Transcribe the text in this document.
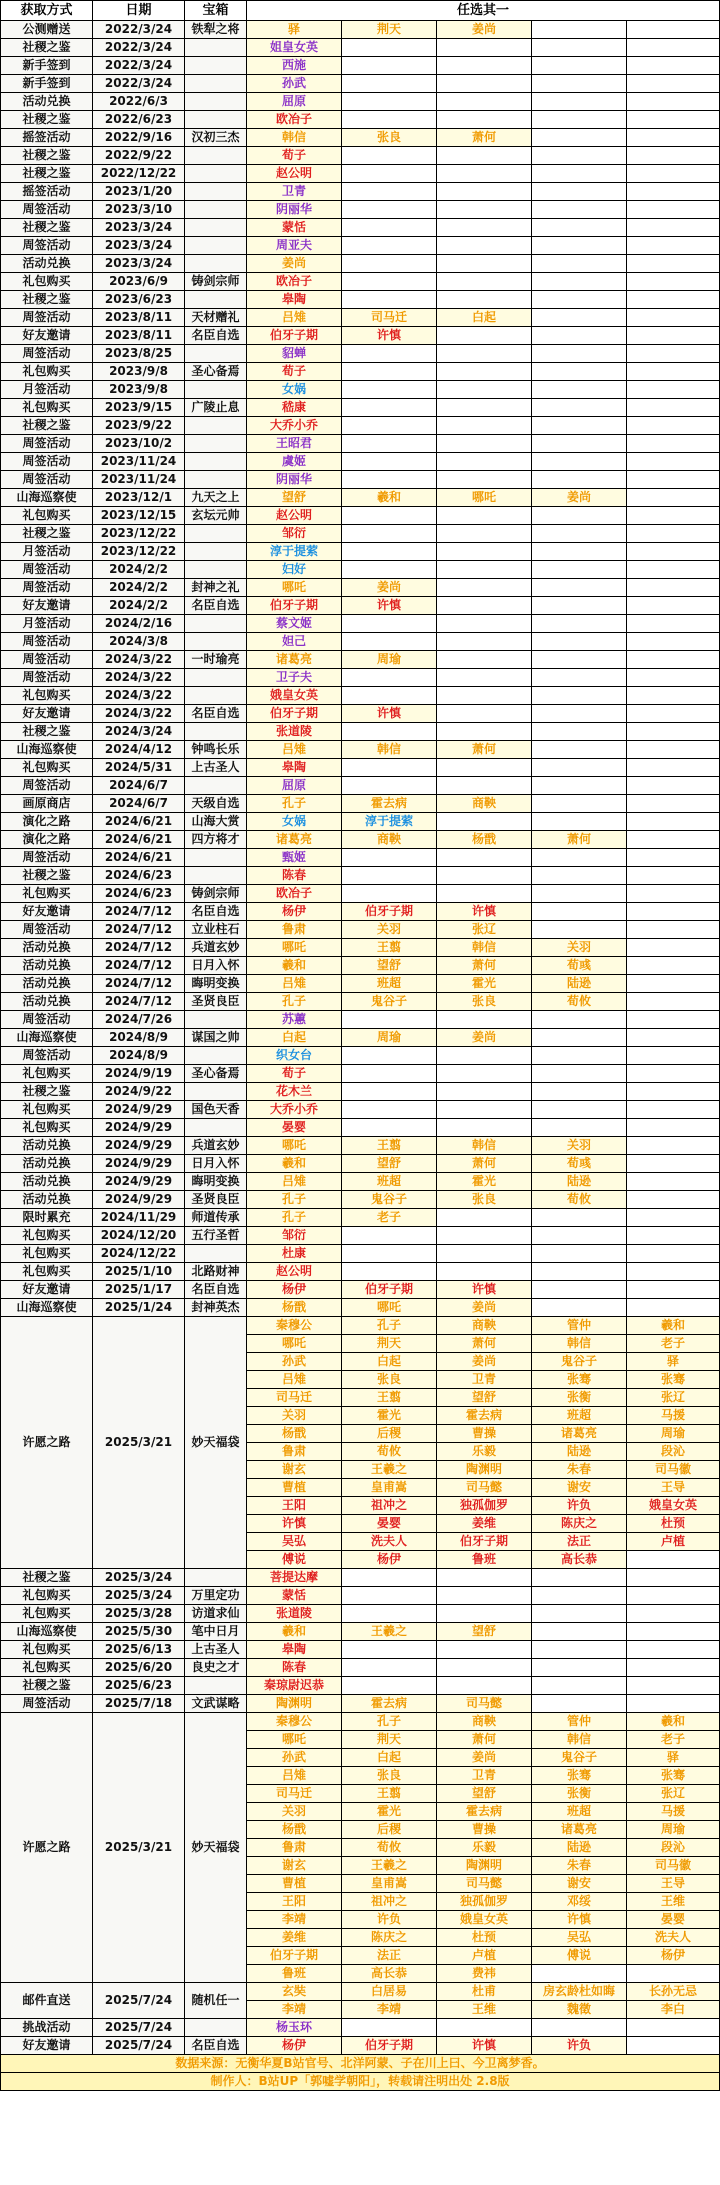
获取方式	日期	宝箱	任选其一				
公测赠送	2022/3/24	铁犁之将	驿	荆天	姜尚		
社稷之鉴	2022/3/24		姐皇女英				
新手签到	2022/3/24		西施				
新手签到	2022/3/24		孙武				
活动兑换	2022/6/3		屈原				
社稷之鉴	2022/6/23		欧冶子				
摇签活动	2022/9/16	汉初三杰	韩信	张良	萧何		
社稷之鉴	2022/9/22		荀子				
社稷之鉴	2022/12/22		赵公明				
摇签活动	2023/1/20		卫青				
周签活动	2023/3/10		阴丽华				
社稷之鉴	2023/3/24		蒙恬				
周签活动	2023/3/24		周亚夫				
活动兑换	2023/3/24		姜尚				
礼包购买	2023/6/9	铸剑宗师	欧冶子				
社稷之鉴	2023/6/23		皋陶				
周签活动	2023/8/11	天材赠礼	吕雉	司马迁	白起		
好友邀请	2023/8/11	名臣自选	伯牙子期	许慎			
周签活动	2023/8/25		貂蝉				
礼包购买	2023/9/8	圣心备焉	荀子				
月签活动	2023/9/8		女娲				
礼包购买	2023/9/15	广陵止息	嵇康				
社稷之鉴	2023/9/22		大乔小乔				
周签活动	2023/10/2		王昭君				
周签活动	2023/11/24		虞姬				
周签活动	2023/11/24		阴丽华				
山海巡察使	2023/12/1	九天之上	望舒	羲和	哪吒	姜尚	
礼包购买	2023/12/15	玄坛元帅	赵公明				
社稷之鉴	2023/12/22		邹衍				
月签活动	2023/12/22		淳于提萦				
周签活动	2024/2/2		妇好				
周签活动	2024/2/2	封神之礼	哪吒	姜尚			
好友邀请	2024/2/2	名臣自选	伯牙子期	许慎			
月签活动	2024/2/16		蔡文姬				
周签活动	2024/3/8		妲己				
周签活动	2024/3/22	一时瑜亮	诸葛亮	周瑜			
周签活动	2024/3/22		卫子夫				
礼包购买	2024/3/22		娥皇女英				
好友邀请	2024/3/22	名臣自选	伯牙子期	许慎			
社稷之鉴	2024/3/24		张道陵				
山海巡察使	2024/4/12	钟鸣长乐	吕雉	韩信	萧何		
礼包购买	2024/5/31	上古圣人	皋陶				
周签活动	2024/6/7		屈原				
画原商店	2024/6/7	天级自选	孔子	霍去病	商鞅		
演化之路	2024/6/21	山海大赏	女娲	淳于提萦			
演化之路	2024/6/21	四方将才	诸葛亮	商鞅	杨戬	萧何	
周签活动	2024/6/21		甄姬				
社稷之鉴	2024/6/23		陈春				
礼包购买	2024/6/23	铸剑宗师	欧冶子				
好友邀请	2024/7/12	名臣自选	杨伊	伯牙子期	许慎		
周签活动	2024/7/12	立业柱石	鲁肃	关羽	张辽		
活动兑换	2024/7/12	兵道玄妙	哪吒	王翦	韩信	关羽	
活动兑换	2024/7/12	日月入怀	羲和	望舒	萧何	荀彧	
活动兑换	2024/7/12	晦明变换	吕雉	班超	霍光	陆逊	
活动兑换	2024/7/12	圣贤良臣	孔子	鬼谷子	张良	荀攸	
周签活动	2024/7/26		苏蕙				
山海巡察使	2024/8/9	谋国之帅	白起	周瑜	姜尚		
周签活动	2024/8/9		织女台				
礼包购买	2024/9/19	圣心备焉	荀子				
社稷之鉴	2024/9/22		花木兰				
礼包购买	2024/9/29	国色天香	大乔小乔				
礼包购买	2024/9/29		晏婴				
活动兑换	2024/9/29	兵道玄妙	哪吒	王翦	韩信	关羽	
活动兑换	2024/9/29	日月入怀	羲和	望舒	萧何	荀彧	
活动兑换	2024/9/29	晦明变换	吕雉	班超	霍光	陆逊	
活动兑换	2024/9/29	圣贤良臣	孔子	鬼谷子	张良	荀攸	
限时累充	2024/11/29	师道传承	孔子	老子			
礼包购买	2024/12/20	五行圣哲	邹衍				
礼包购买	2024/12/22		杜康				
礼包购买	2025/1/10	北路财神	赵公明				
好友邀请	2025/1/17	名臣自选	杨伊	伯牙子期	许慎		
山海巡察使	2025/1/24	封神英杰	杨戬	哪吒	姜尚		
许愿之路	2025/3/21	妙天福袋	秦穆公	孔子	商鞅	管仲	羲和
			哪吒	荆天	萧何	韩信	老子
			孙武	白起	姜尚	鬼谷子	驿
			吕雉	张良	卫青	张骞	张骞
			司马迁	王翦	望舒	张衡	张辽
			关羽	霍光	霍去病	班超	马援
			杨戬	后稷	曹操	诸葛亮	周瑜
			鲁肃	荀攸	乐毅	陆逊	段沁
			谢玄	王羲之	陶渊明	朱春	司马徽
			曹植	皇甫嵩	司马懿	谢安	王导
			王阳	祖冲之	独孤伽罗	许负	娥皇女英
			许慎	晏婴	姜维	陈庆之	杜预
			吴弘	洗夫人	伯牙子期	法正	卢植
			傅说	杨伊	鲁班	高长恭	
社稷之鉴	2025/3/24		菩提达摩				
礼包购买	2025/3/24	万里定功	蒙恬				
礼包购买	2025/3/28	访道求仙	张道陵				
山海巡察使	2025/5/30	笔中日月	羲和	王羲之	望舒		
礼包购买	2025/6/13	上古圣人	皋陶				
礼包购买	2025/6/20	良史之才	陈春				
社稷之鉴	2025/6/23		秦琼尉迟恭				
周签活动	2025/7/18	文武谋略	陶渊明	霍去病	司马懿		
许愿之路	2025/3/21	妙天福袋	秦穆公	孔子	商鞅	管仲	羲和
			哪吒	荆天	萧何	韩信	老子
			孙武	白起	姜尚	鬼谷子	驿
			吕雉	张良	卫青	张骞	张骞
			司马迁	王翦	望舒	张衡	张辽
			关羽	霍光	霍去病	班超	马援
			杨戬	后稷	曹操	诸葛亮	周瑜
			鲁肃	荀攸	乐毅	陆逊	段沁
			谢玄	王羲之	陶渊明	朱春	司马徽
			曹植	皇甫嵩	司马懿	谢安	王导
			王阳	祖冲之	独孤伽罗	邓绥	王维
			李靖	许负	娥皇女英	许慎	晏婴
			姜维	陈庆之	杜预	吴弘	洗夫人
			伯牙子期	法正	卢植	傅说	杨伊
			鲁班	高长恭	费祎		
邮件直送	2025/7/24	随机任一	玄奘	白居易	杜甫	房玄龄杜如晦	长孙无忌
			李靖	李靖	王维	魏徵	李白
挑战活动	2025/7/24		杨玉环				
好友邀请	2025/7/24	名臣自选	杨伊	伯牙子期	许慎	许负	
数据来源：无衡华夏B站官号、北洋阿蒙、子在川上曰、今卫离梦香。							
制作人：B站UP「郭嘘学朝阳」，转载请注明出处 2.8版							
